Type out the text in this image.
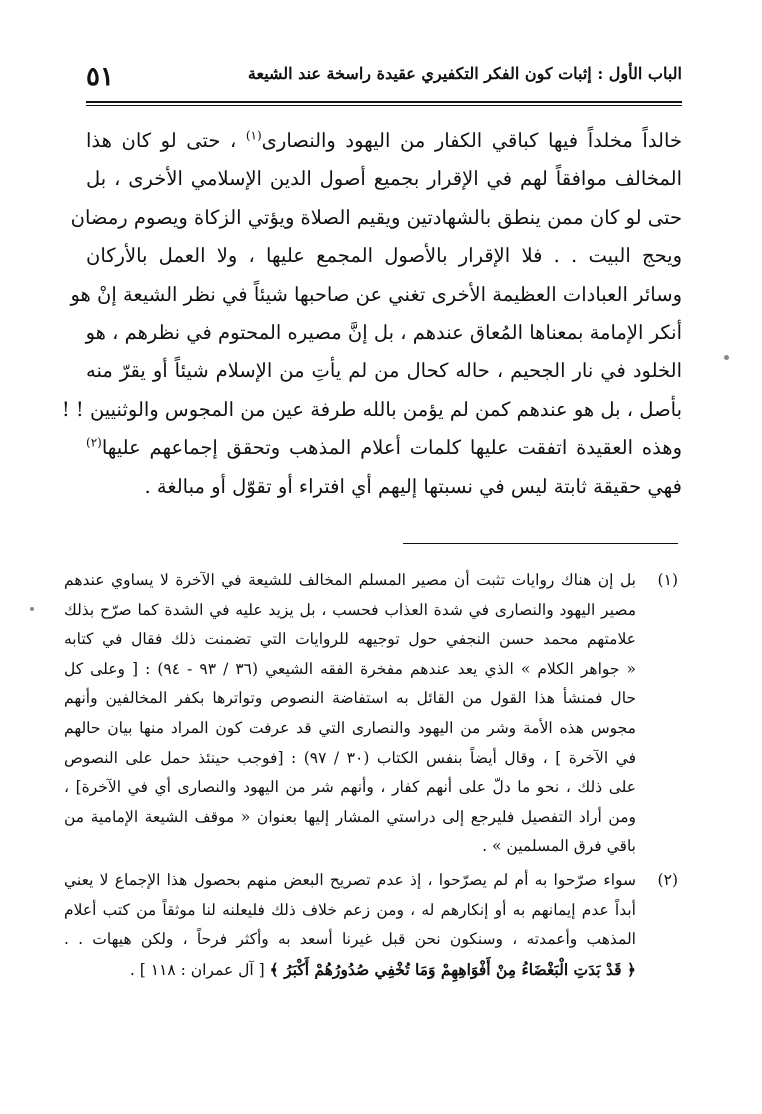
الباب الأول : إثبات كون الفكر التكفيري عقيدة راسخة عند الشيعة
٥١
خالداً مخلداً فيها كباقي الكفار من اليهود والنصارى$^{(١)}$ ، حتى لو كان هذا
المخالف موافقاً لهم في الإقرار بجميع أصول الدين الإسلامي الأخرى ، بل
حتى لو كان ممن ينطق بالشهادتين ويقيم الصلاة ويؤتي الزكاة ويصوم رمضان
ويحج البيت . . فلا الإقرار بالأصول المجمع عليها ، ولا العمل بالأركان
وسائر العبادات العظيمة الأخرى تغني عن صاحبها شيئاً في نظر الشيعة إنْ هو
أنكر الإمامة بمعناها المُعاق عندهم ، بل إنَّ مصيره المحتوم في نظرهم ، هو
الخلود في نار الجحيم ، حاله كحال من لم يأتِ من الإسلام شيئاً أو يقرّ منه
بأصل ، بل هو عندهم كمن لم يؤمن بالله طرفة عين من المجوس والوثنيين ! !
وهذه العقيدة اتفقت عليها كلمات أعلام المذهب وتحقق إجماعهم عليها$^{(٢)}$
فهي حقيقة ثابتة ليس في نسبتها إليهم أي افتراء أو تقوّل أو مبالغة .
(١)
بل إن هناك روايات تثبت أن مصير المسلم المخالف للشيعة في الآخرة لا يساوي عندهم
مصير اليهود والنصارى في شدة العذاب فحسب ، بل يزيد عليه في الشدة كما صرّح بذلك
علامتهم محمد حسن النجفي حول توجيهه للروايات التي تضمنت ذلك فقال في كتابه
« جواهر الكلام » الذي يعد عندهم مفخرة الفقه الشيعي (٣٦ / ٩٣ - ٩٤) : [ وعلى كل
حال فمنشأ هذا القول من القائل به استفاضة النصوص وتواترها بكفر المخالفين وأنهم
مجوس هذه الأمة وشر من اليهود والنصارى التي قد عرفت كون المراد منها بيان حالهم
في الآخرة ] ، وقال أيضاً بنفس الكتاب (٣٠ / ٩٧) : [فوجب حينئذ حمل على النصوص
على ذلك ، نحو ما دلّ على أنهم كفار ، وأنهم شر من اليهود والنصارى أي في الآخرة] ،
ومن أراد التفصيل فليرجع إلى دراستي المشار إليها بعنوان « موقف الشيعة الإمامية من
باقي فرق المسلمين » .
(٢)
سواء صرّحوا به أم لم يصرّحوا ، إذ عدم تصريح البعض منهم بحصول هذا الإجماع لا يعني
أبداً عدم إيمانهم به أو إنكارهم له ، ومن زعم خلاف ذلك فليعلنه لنا موثقاً من كتب أعلام
المذهب وأعمدته ، وسنكون نحن قبل غيرنا أسعد به وأكثر فرحاً ، ولكن هيهات . .
﴿ قَدْ بَدَتِ الْبَغْضَاءُ مِنْ أَفْوَاهِهِمْ وَمَا تُخْفِي صُدُورُهُمْ أَكْبَرُ ﴾ [ آل عمران : ١١٨ ] .
